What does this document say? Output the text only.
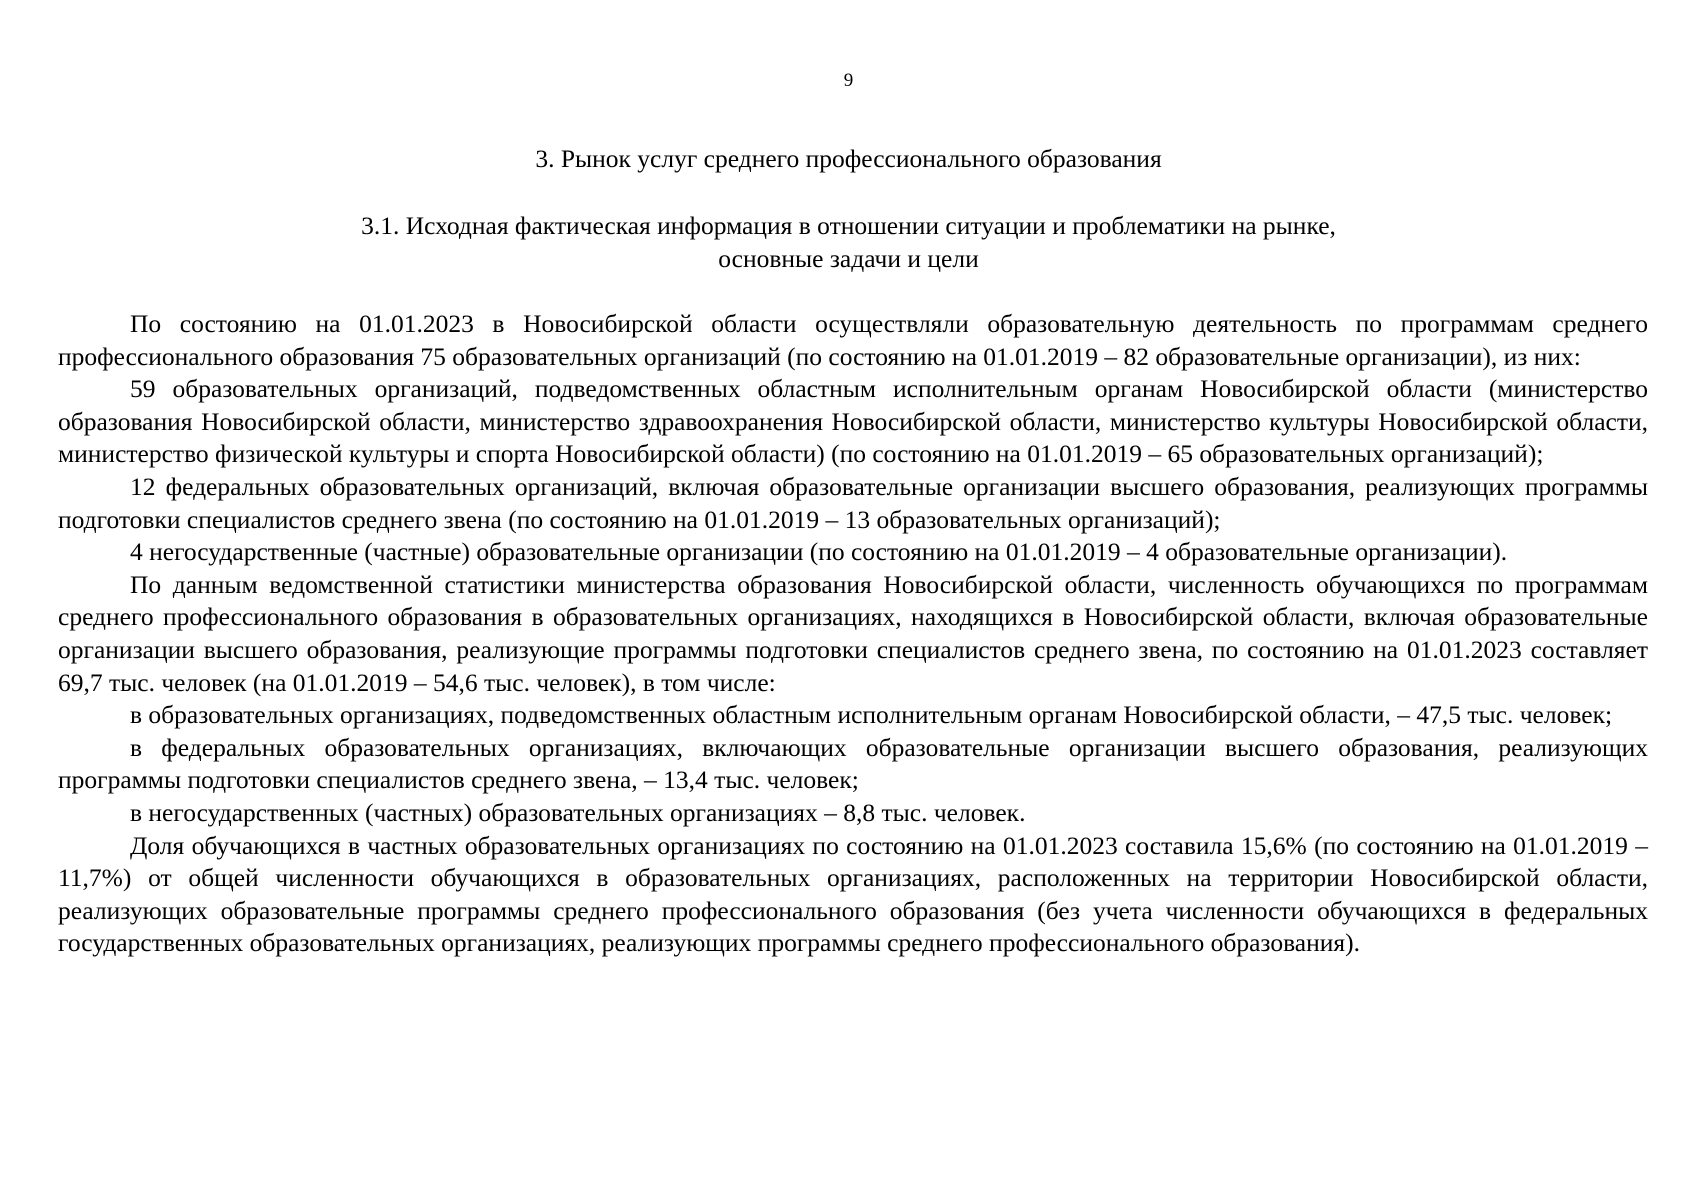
9
3. Рынок услуг среднего профессионального образования
3.1. Исходная фактическая информация в отношении ситуации и проблематики на рынке,
основные задачи и цели

По состоянию на 01.01.2023 в Новосибирской области осуществляли образовательную деятельность по программам среднего профессионального образования 75 образовательных организаций (по состоянию на 01.01.2019 – 82 образовательные организации), из них:

59 образовательных организаций, подведомственных областным исполнительным органам Новосибирской области (министерство образования Новосибирской области, министерство здравоохранения Новосибирской области, министерство культуры Новосибирской области, министерство физической культуры и спорта Новосибирской области) (по состоянию на 01.01.2019 – 65 образовательных организаций);

12 федеральных образовательных организаций, включая образовательные организации высшего образования, реализующих программы подготовки специалистов среднего звена (по состоянию на 01.01.2019 – 13 образовательных организаций);

4 негосударственные (частные) образовательные организации (по состоянию на 01.01.2019 – 4 образовательные организации).

По данным ведомственной статистики министерства образования Новосибирской области, численность обучающихся по программам среднего профессионального образования в образовательных организациях, находящихся в Новосибирской области, включая образовательные организации высшего образования, реализующие программы подготовки специалистов среднего звена, по состоянию на 01.01.2023 составляет 69,7 тыс. человек (на 01.01.2019 – 54,6 тыс. человек), в том числе:

в образовательных организациях, подведомственных областным исполнительным органам Новосибирской области, – 47,5 тыс. человек;

в федеральных образовательных организациях, включающих образовательные организации высшего образования, реализующих программы подготовки специалистов среднего звена, – 13,4 тыс. человек;

в негосударственных (частных) образовательных организациях – 8,8 тыс. человек.

Доля обучающихся в частных образовательных организациях по состоянию на 01.01.2023 составила 15,6% (по состоянию на 01.01.2019 – 11,7%) от общей численности обучающихся в образовательных организациях, расположенных на территории Новосибирской области, реализующих образовательные программы среднего профессионального образования (без учета численности обучающихся в федеральных государственных образовательных организациях, реализующих программы среднего профессионального образования).
